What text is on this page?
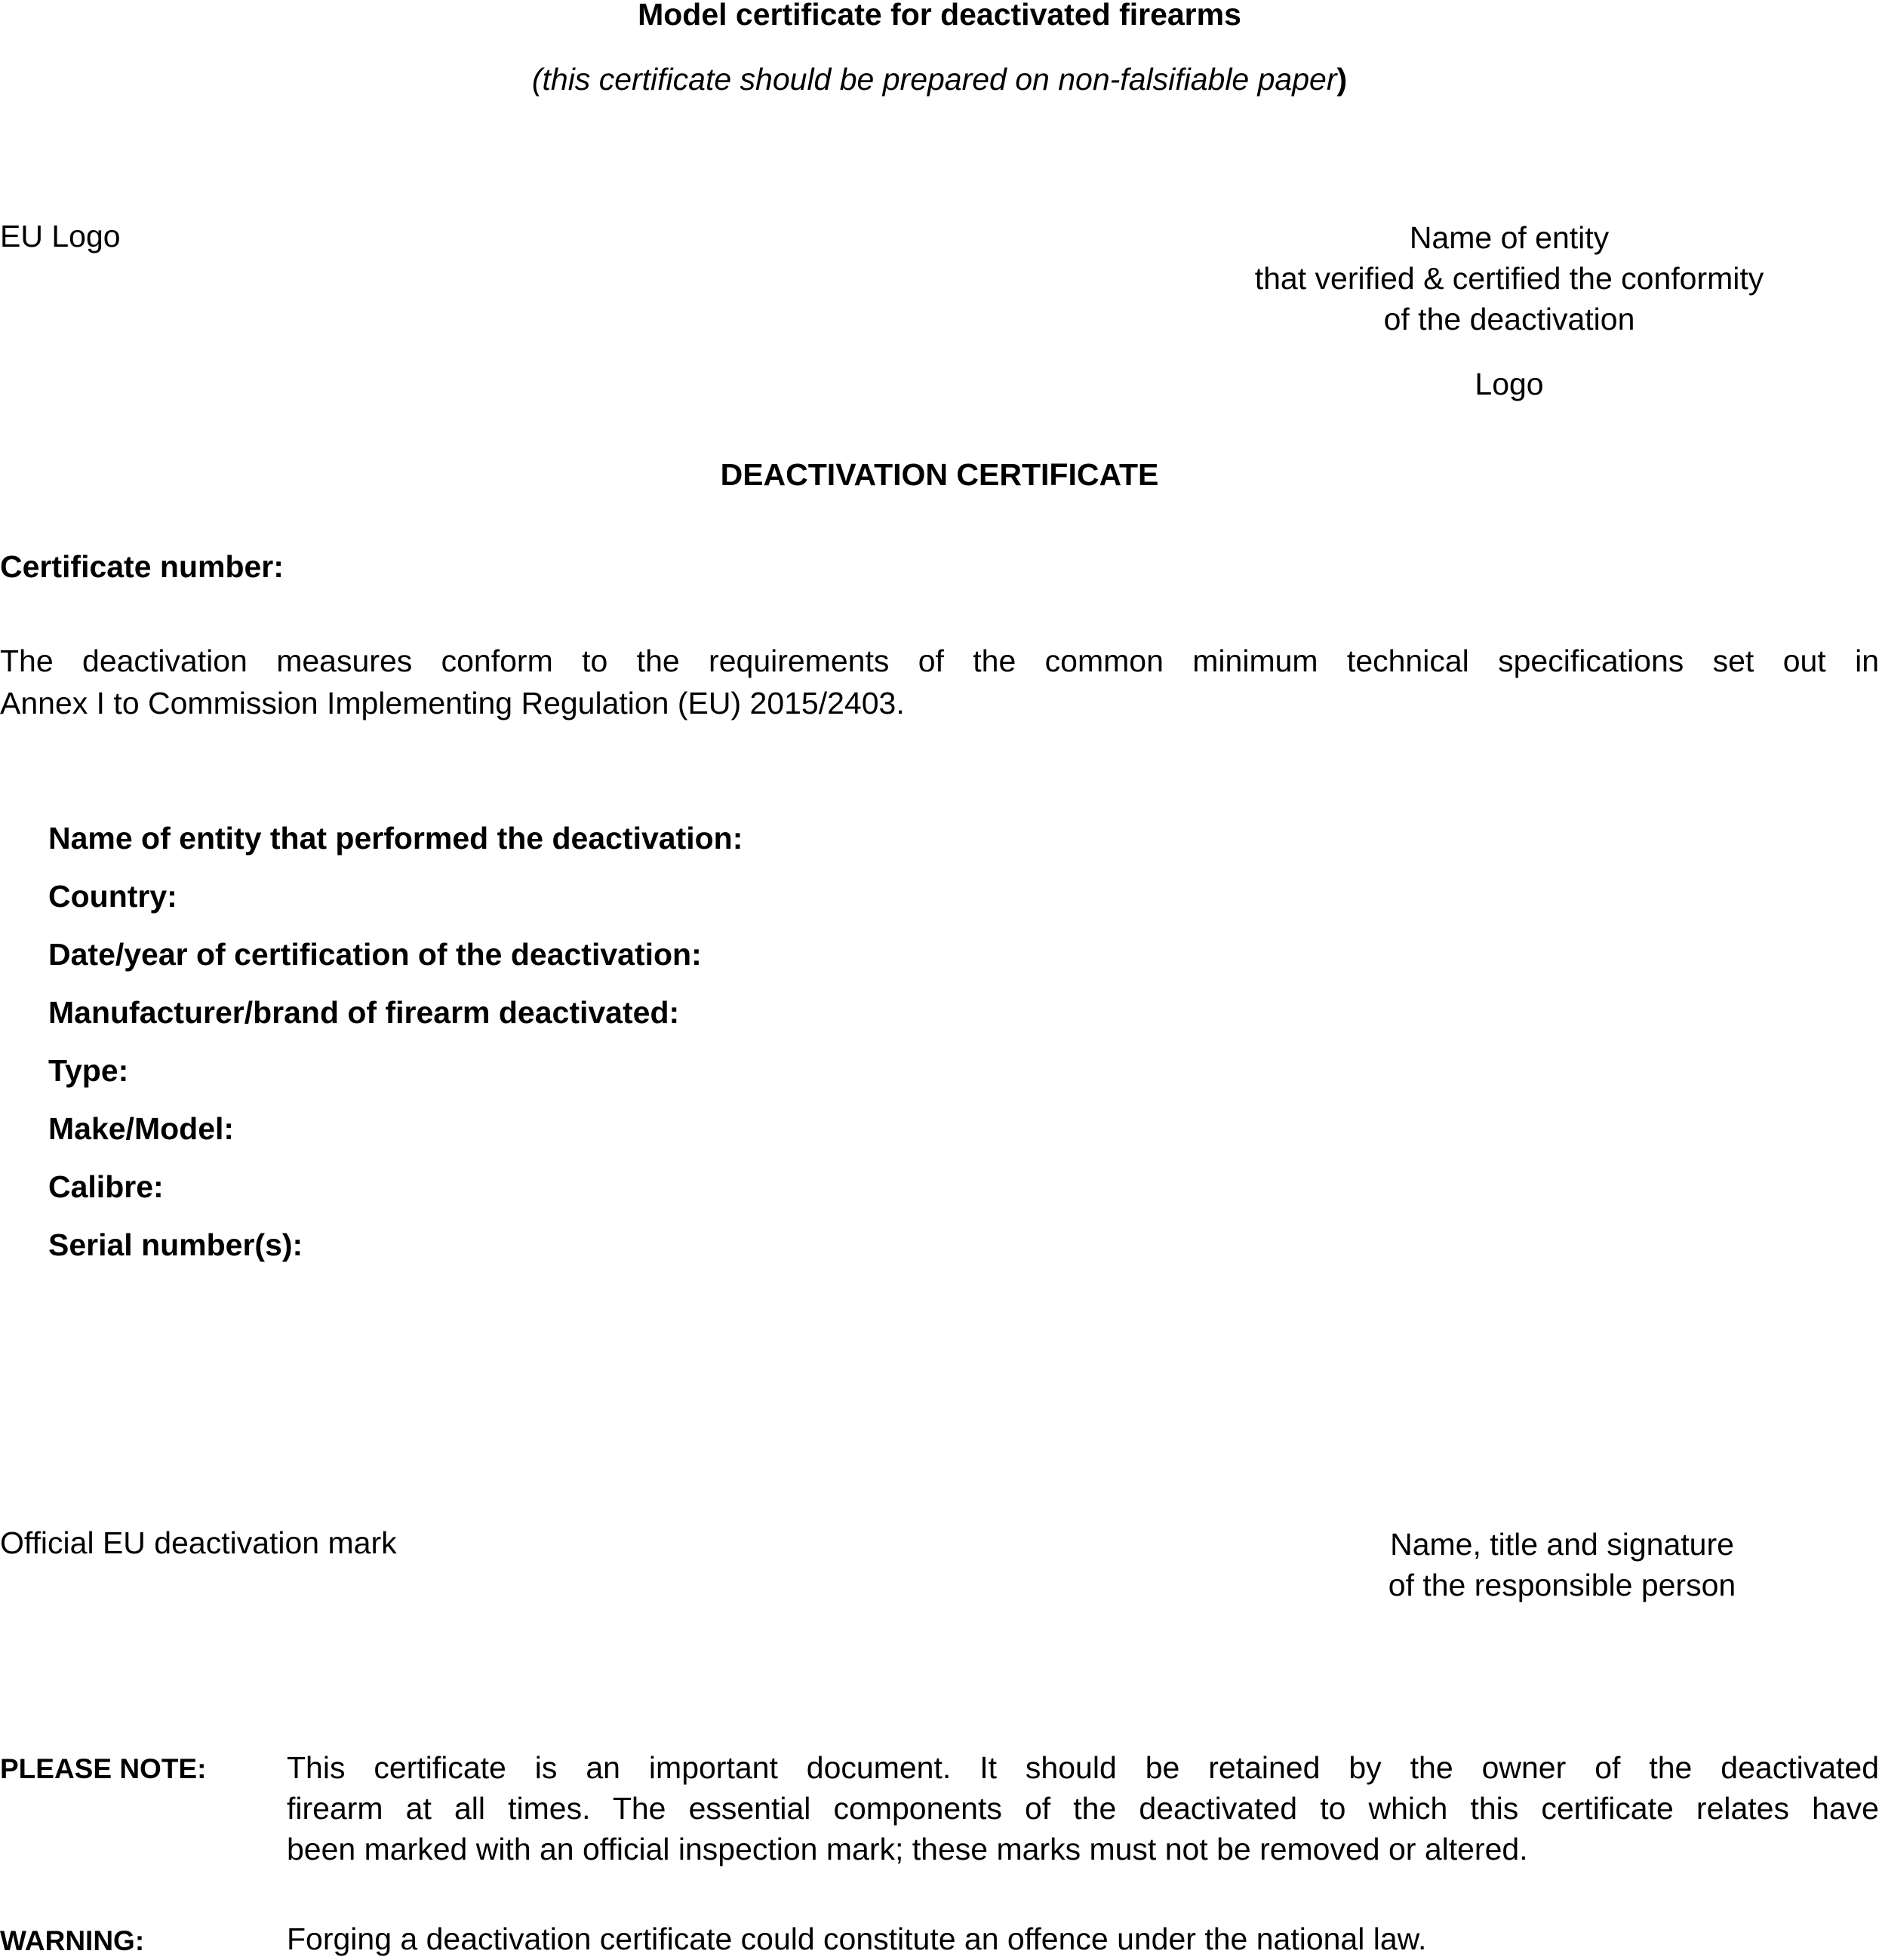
Model certificate for deactivated firearms
(this certificate should be prepared on non-falsifiable paper)
EU Logo	Name of entity
that verified & certified the conformity
of the deactivation
Logo
DEACTIVATION CERTIFICATE
Certificate number:
The deactivation measures conform to the requirements of the common minimum technical specifications set out in
Annex I to Commission Implementing Regulation (EU) 2015/2403.
Name of entity that performed the deactivation:
Country:
Date/year of certification of the deactivation:
Manufacturer/brand of firearm deactivated:
Type:
Make/Model:
Calibre:
Serial number(s):
Official EU deactivation mark	Name, title and signature
of the responsible person
PLEASE NOTE:	This certificate is an important document. It should be retained by the owner of the deactivated
firearm at all times. The essential components of the deactivated to which this certificate relates have
been marked with an official inspection mark; these marks must not be removed or altered.
WARNING:	Forging a deactivation certificate could constitute an offence under the national law.
